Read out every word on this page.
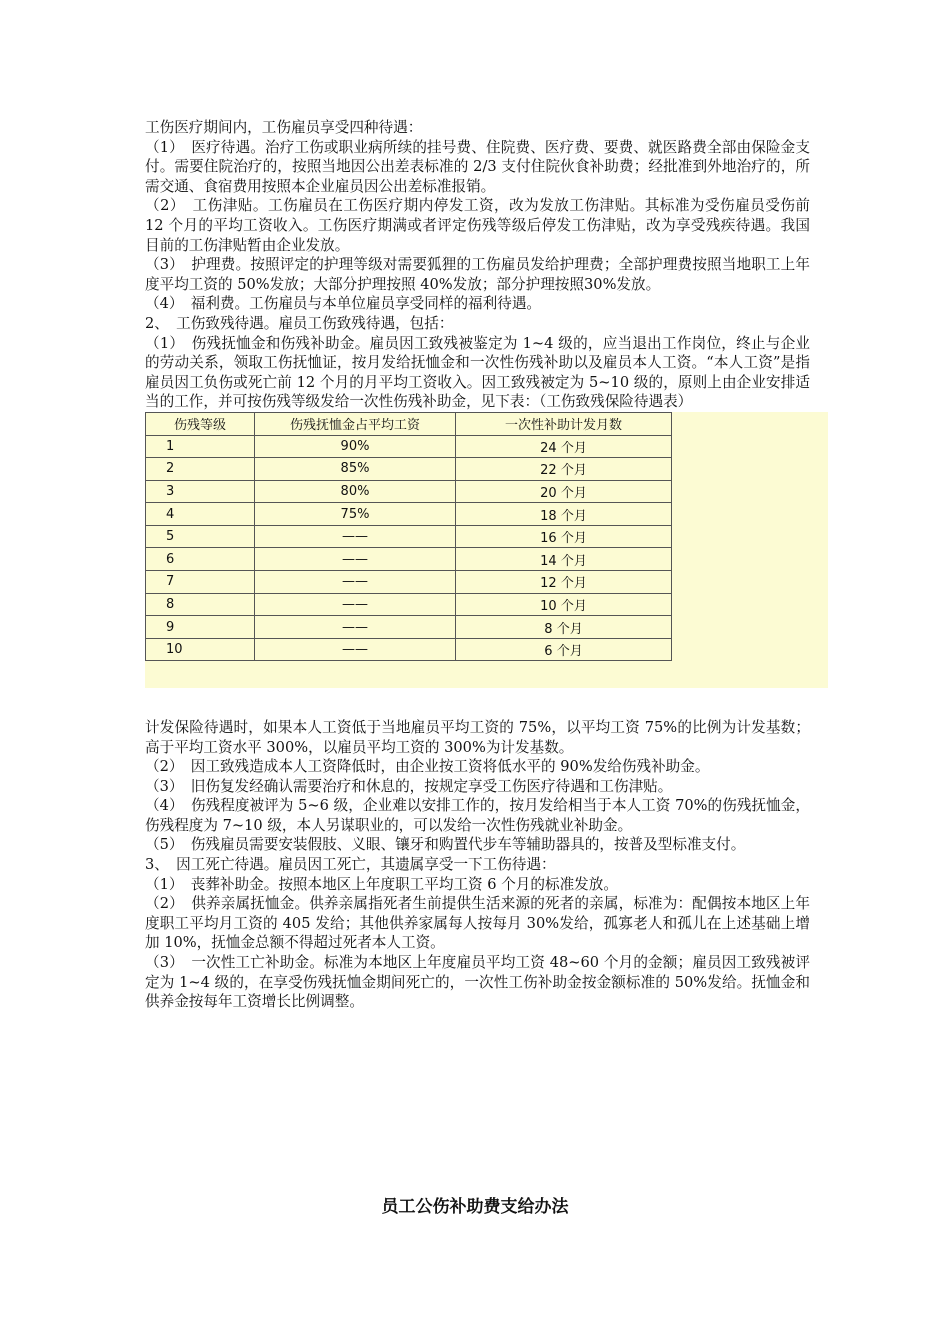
工伤医疗期间内，工伤雇员享受四种待遇：

（1）　医疗待遇。治疗工伤或职业病所续的挂号费、住院费、医疗费、要费、就医路费全部由保险金支付。需要住院治疗的，按照当地因公出差表标准的 2/3 支付住院伙食补助费；经批准到外地治疗的，所需交通、食宿费用按照本企业雇员因公出差标准报销。

（2）　工伤津贴。工伤雇员在工伤医疗期内停发工资，改为发放工伤津贴。其标准为受伤雇员受伤前 12 个月的平均工资收入。工伤医疗期满或者评定伤残等级后停发工伤津贴，改为享受残疾待遇。我国目前的工伤津贴暂由企业发放。

（3）　护理费。按照评定的护理等级对需要狐狸的工伤雇员发给护理费；全部护理费按照当地职工上年度平均工资的 50%发放；大部分护理按照 40%发放；部分护理按照30%发放。

（4）　福利费。工伤雇员与本单位雇员享受同样的福利待遇。

2、　工伤致残待遇。雇员工伤致残待遇，包括：

（1）　伤残抚恤金和伤残补助金。雇员因工致残被鉴定为 1~4 级的，应当退出工作岗位，终止与企业的劳动关系，领取工伤抚恤证，按月发给抚恤金和一次性伤残补助以及雇员本人工资。“本人工资”是指雇员因工负伤或死亡前 12 个月的月平均工资收入。因工致残被定为 5~10 级的，原则上由企业安排适当的工作，并可按伤残等级发给一次性伤残补助金，见下表：（工伤致残保险待遇表）

伤残等级	伤残抚恤金占平均工资	一次性补助计发月数
1	90%	24 个月
2	85%	22 个月
3	80%	20 个月
4	75%	18 个月
5	——	16 个月
6	——	14 个月
7	——	12 个月
8	——	10 个月
9	——	8 个月
10	——	6 个月

计发保险待遇时，如果本人工资低于当地雇员平均工资的 75%，以平均工资 75%的比例为计发基数；高于平均工资水平 300%，以雇员平均工资的 300%为计发基数。

（2）　因工致残造成本人工资降低时，由企业按工资将低水平的 90%发给伤残补助金。

（3）　旧伤复发经确认需要治疗和休息的，按规定享受工伤医疗待遇和工伤津贴。

（4）　伤残程度被评为 5~6 级，企业难以安排工作的，按月发给相当于本人工资 70%的伤残抚恤金，伤残程度为 7~10 级，本人另谋职业的，可以发给一次性伤残就业补助金。

（5）　伤残雇员需要安装假肢、义眼、镶牙和购置代步车等辅助器具的，按普及型标准支付。

3、　因工死亡待遇。雇员因工死亡，其遗属享受一下工伤待遇：

（1）　丧葬补助金。按照本地区上年度职工平均工资 6 个月的标准发放。

（2）　供养亲属抚恤金。供养亲属指死者生前提供生活来源的死者的亲属，标准为：配偶按本地区上年度职工平均月工资的 405 发给；其他供养家属每人按每月 30%发给，孤寡老人和孤儿在上述基础上增加 10%，抚恤金总额不得超过死者本人工资。

（3）　一次性工亡补助金。标准为本地区上年度雇员平均工资 48~60 个月的金额；雇员因工致残被评定为 1~4 级的，在享受伤残抚恤金期间死亡的，一次性工伤补助金按金额标准的 50%发给。抚恤金和供养金按每年工资增长比例调整。

员工公伤补助费支给办法
